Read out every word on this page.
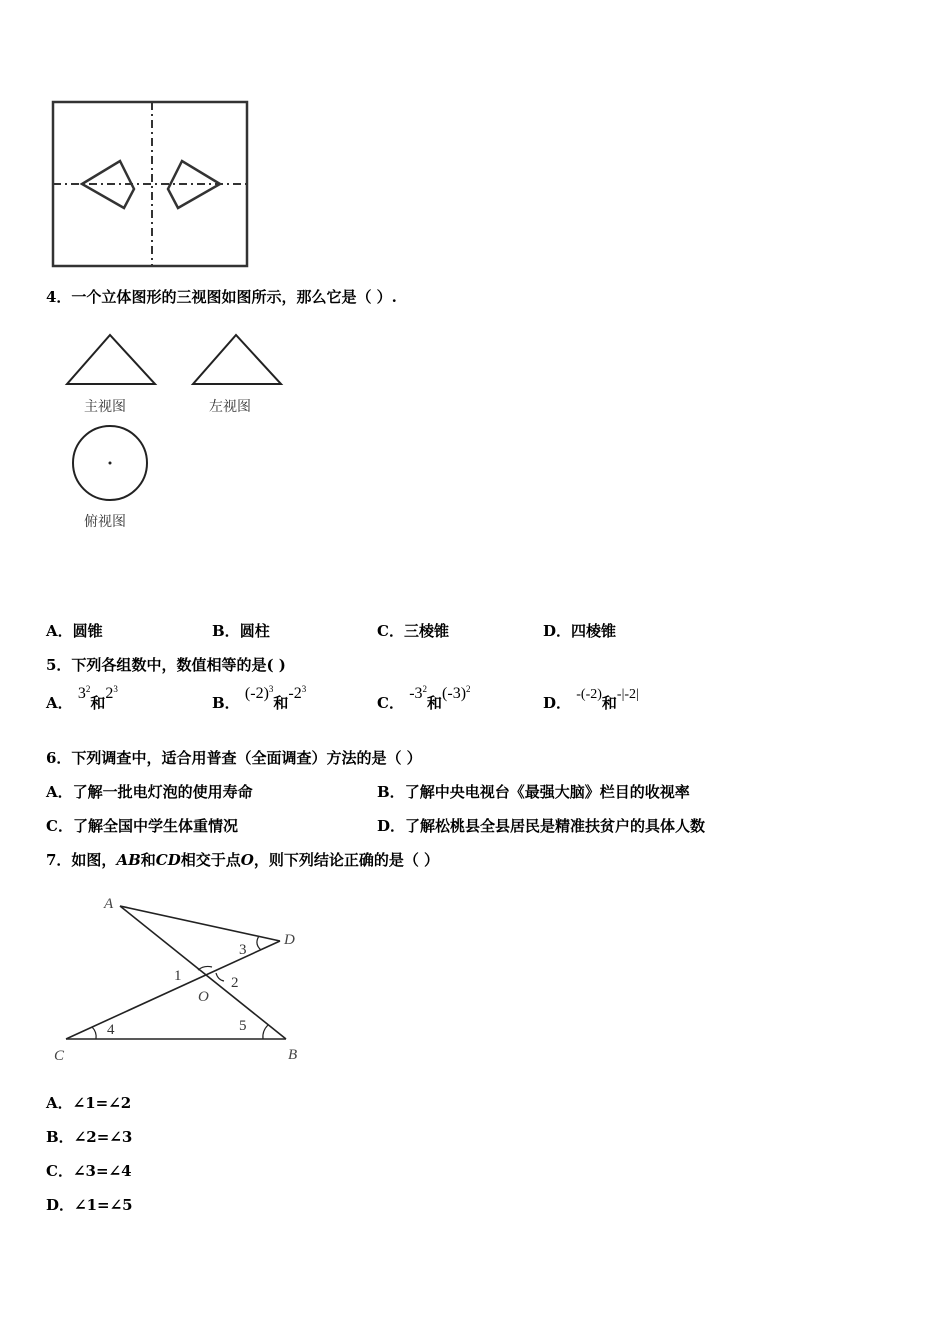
4．一个立体图形的三视图如图所示，那么它是（ ）.
主视图	左视图
俯视图
A．圆锥	B．圆柱	C．三棱锥	D．四棱锥
5．下列各组数中，数值相等的是( )
A． $3^2$和$2^3$
B． $(-2)^3$和$-2^3$
C． $-3^2$和$(-3)^2$
D． -(-2)和-|-2|
6．下列调查中，适合用普查（全面调查）方法的是（ ）
A．了解一批电灯泡的使用寿命	B．了解中央电视台《最强大脑》栏目的收视率
C．了解全国中学生体重情况	D．了解松桃县全县居民是精准扶贫户的具体人数
7．如图，AB和CD相交于点O，则下列结论正确的是（ ）
A
D
C	B
O
1	2
3
4	5
A．∠1=∠2
B．∠2=∠3
C．∠3=∠4
D．∠1=∠5
